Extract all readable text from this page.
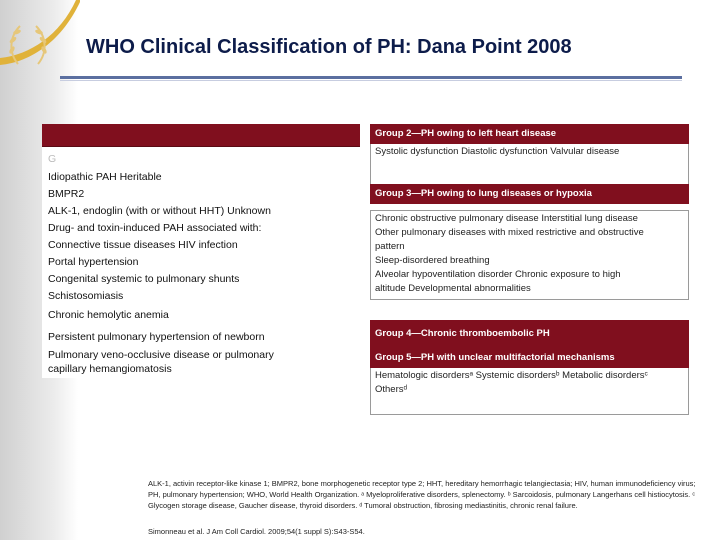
WHO Clinical Classification of PH: Dana Point 2008
G
Idiopathic PAH Heritable
BMPR2
ALK-1, endoglin (with or without HHT) Unknown
Drug- and toxin-induced PAH associated with:
Connective tissue diseases HIV infection
Portal hypertension
Congenital systemic to pulmonary shunts
Schistosomiasis
Chronic hemolytic anemia
Persistent pulmonary hypertension of newborn
Pulmonary veno-occlusive disease or pulmonary
capillary hemangiomatosis
Group 2—PH owing to left heart disease
Systolic dysfunction Diastolic dysfunction Valvular disease
Group 3—PH owing to lung diseases or hypoxia
Chronic obstructive pulmonary disease Interstitial lung disease
Other pulmonary diseases with mixed restrictive and obstructive
pattern
Sleep-disordered breathing
Alveolar hypoventilation disorder Chronic exposure to high
altitude Developmental abnormalities
Group 4—Chronic thromboembolic PH
Group 5—PH with unclear multifactorial mechanisms
Hematologic disordersᵃ Systemic disordersᵇ Metabolic disordersᶜ
Othersᵈ
ALK-1, activin receptor-like kinase 1; BMPR2, bone morphogenetic receptor type 2; HHT, hereditary hemorrhagic telangiectasia; HIV, human immunodeficiency virus; PH, pulmonary hypertension; WHO, World Health Organization. ᵃ Myeloproliferative disorders, splenectomy. ᵇ Sarcoidosis, pulmonary Langerhans cell histiocytosis. ᶜ Glycogen storage disease, Gaucher disease, thyroid disorders. ᵈ Tumoral obstruction, fibrosing mediastinitis, chronic renal failure.
Simonneau et al. J Am Coll Cardiol. 2009;54(1 suppl S):S43-S54.
